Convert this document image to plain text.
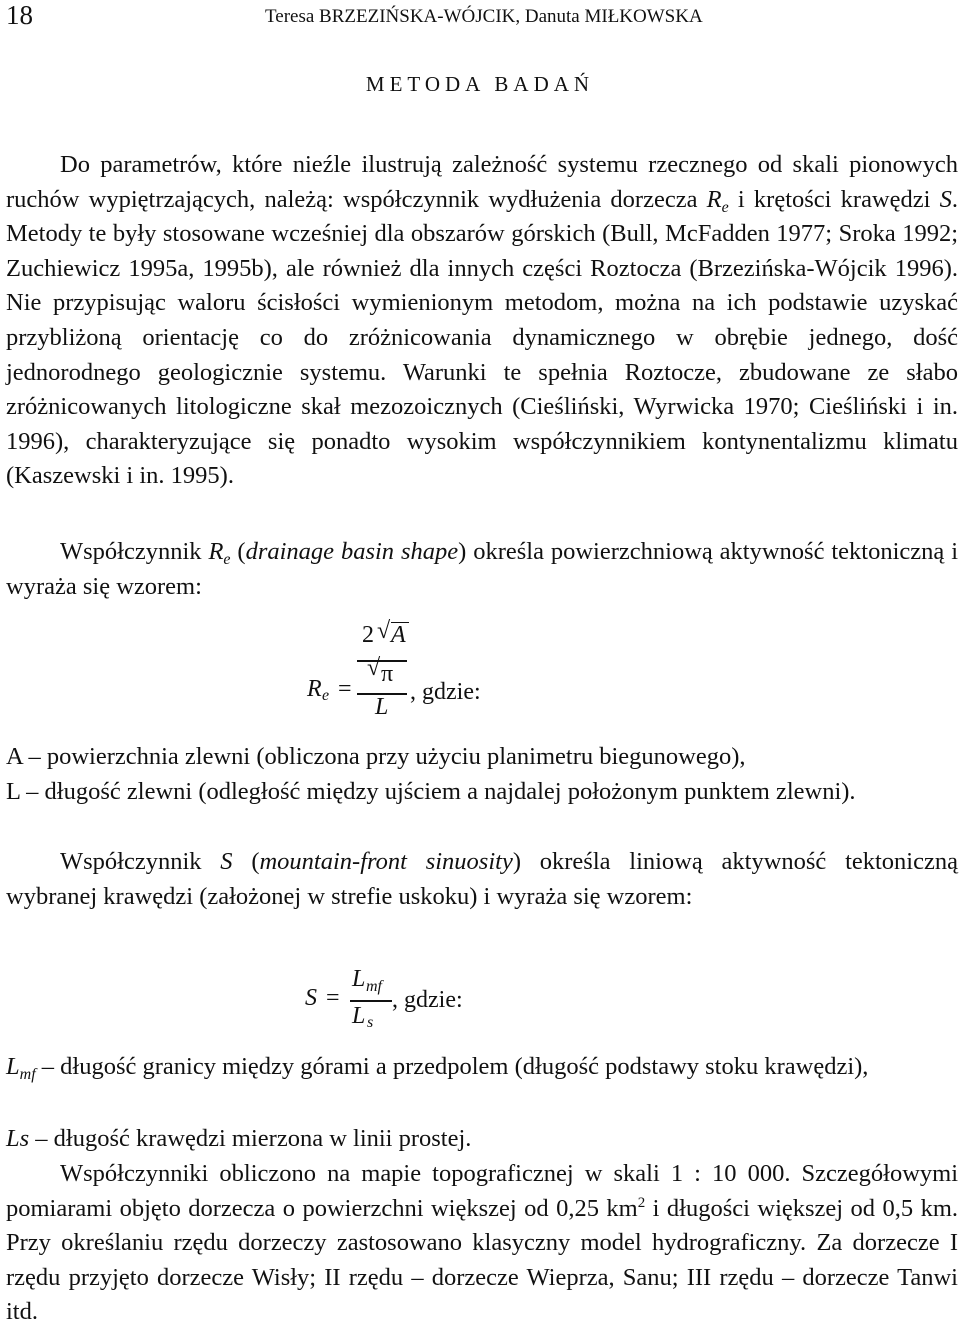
18	Teresa BRZEZIŃSKA-WÓJCIK, Danuta MIŁKOWSKA
METODA BADAŃ

Do parametrów, które nieźle ilustrują zależność systemu rzecznego od skali pionowych ruchów wypiętrzających, należą: współczynnik wydłużenia dorzecza $R_e$ i krętości krawędzi S. Metody te były stosowane wcześniej dla obszarów górskich (Bull, McFadden 1977; Sroka 1992; Zuchiewicz 1995a, 1995b), ale również dla innych części Roztocza (Brzezińska-Wójcik 1996). Nie przypisując waloru ścisłości wymienionym metodom, można na ich podstawie uzyskać przybliżoną orientację co do zróżnicowania dynamicznego w obrębie jednego, dość jednorodnego geologicznie systemu. Warunki te spełnia Roztocze, zbudowane ze słabo zróżnicowanych litologiczne skał mezozoicznych (Cieśliński, Wyrwicka 1970; Cieśliński i in. 1996), charakteryzujące się ponadto wysokim współczynnikiem kontynentalizmu klimatu (Kaszewski i in. 1995).

Współczynnik $R_e$ (drainage basin shape) określa powierzchniową aktywność tektoniczną i wyraża się wzorem:

2 √ A
√ π
R e =
L
, gdzie:

A – powierzchnia zlewni (obliczona przy użyciu planimetru biegunowego),

L – długość zlewni (odległość między ujściem a najdalej położonym punktem zlewni).

Współczynnik S (mountain-front sinuosity) określa liniową aktywność tektoniczną wybranej krawędzi (założonej w strefie uskoku) i wyraża się wzorem:

S =
L mf
L s
, gdzie:

$L_{mf}$ – długość granicy między górami a przedpolem (długość podstawy stoku krawędzi),

Ls – długość krawędzi mierzona w linii prostej.

Współczynniki obliczono na mapie topograficznej w skali 1 : 10 000. Szczegółowymi pomiarami objęto dorzecza o powierzchni większej od 0,25 $km^2$ i długości większej od 0,5 km. Przy określaniu rzędu dorzeczy zastosowano klasyczny model hydrograficzny. Za dorzecze I rzędu przyjęto dorzecze Wisły; II rzędu – dorzecze Wieprza, Sanu; III rzędu – dorzecze Tanwi itd.
